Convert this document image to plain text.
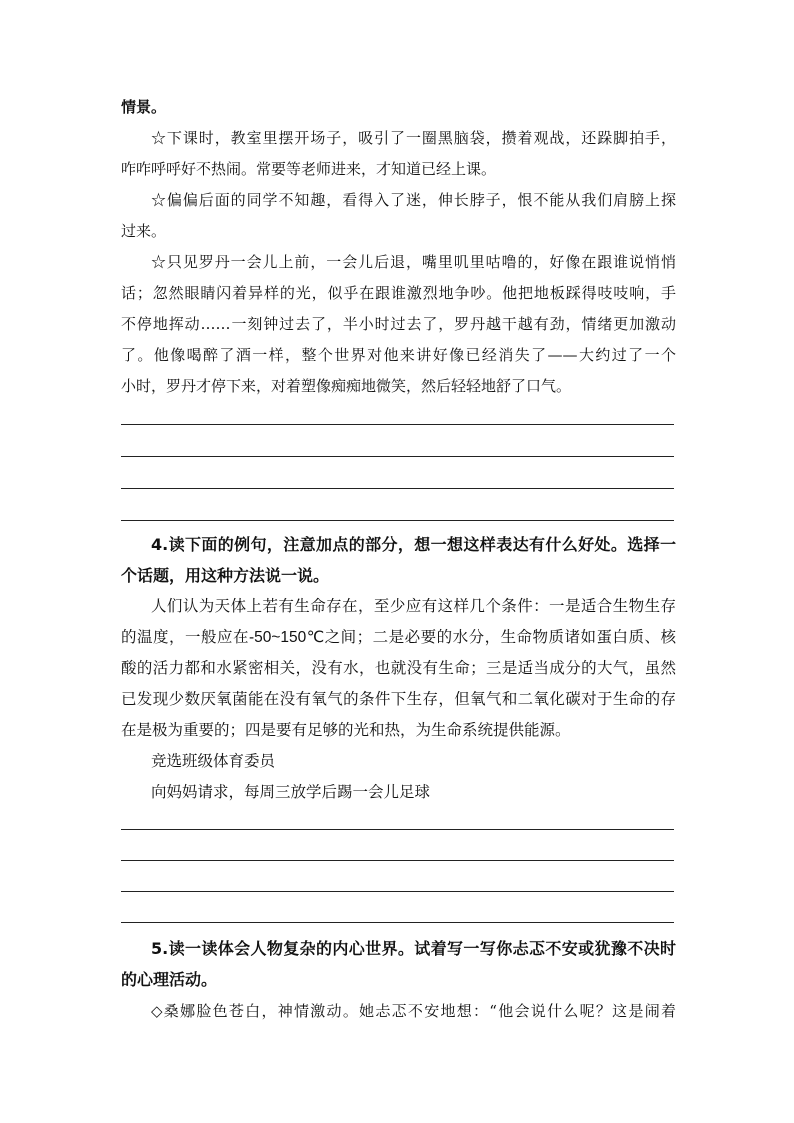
情景。
☆下课时，教室里摆开场子，吸引了一圈黑脑袋，攒着观战，还跺脚拍手，
咋咋呼呼好不热闹。常要等老师进来，才知道已经上课。
☆偏偏后面的同学不知趣，看得入了迷，伸长脖子，恨不能从我们肩膀上探
过来。
☆只见罗丹一会儿上前，一会儿后退，嘴里叽里咕噜的，好像在跟谁说悄悄
话；忽然眼睛闪着异样的光，似乎在跟谁激烈地争吵。他把地板踩得吱吱响，手
不停地挥动……一刻钟过去了，半小时过去了，罗丹越干越有劲，情绪更加激动
了。他像喝醉了酒一样，整个世界对他来讲好像已经消失了——大约过了一个
小时，罗丹才停下来，对着塑像痴痴地微笑，然后轻轻地舒了口气。
4.读下面的例句，注意加点的部分，想一想这样表达有什么好处。选择一
个话题，用这种方法说一说。
人们认为天体上若有生命存在，至少应有这样几个条件：一是适合生物生存
的温度，一般应在-50~150℃之间；二是必要的水分，生命物质诸如蛋白质、核
酸的活力都和水紧密相关，没有水，也就没有生命；三是适当成分的大气，虽然
已发现少数厌氧菌能在没有氧气的条件下生存，但氧气和二氧化碳对于生命的存
在是极为重要的；四是要有足够的光和热，为生命系统提供能源。
竞选班级体育委员
向妈妈请求，每周三放学后踢一会儿足球
5.读一读体会人物复杂的内心世界。试着写一写你忐忑不安或犹豫不决时
的心理活动。
◇桑娜脸色苍白，神情激动。她忐忑不安地想：“他会说什么呢？这是闹着
